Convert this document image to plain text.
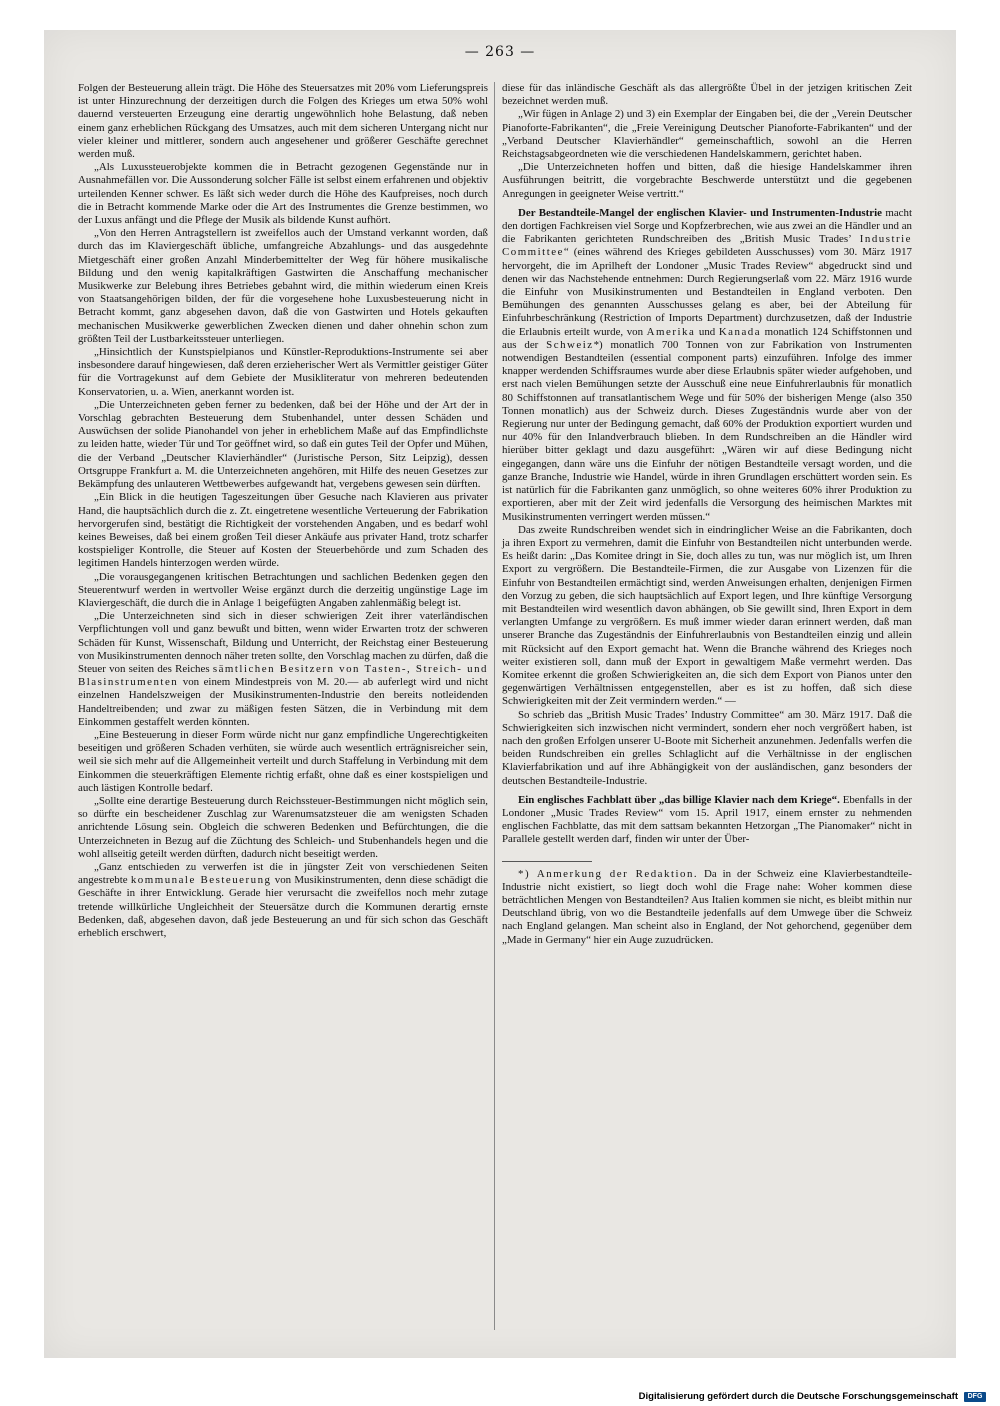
— 263 —

Folgen der Besteuerung allein trägt. Die Höhe des Steuersatzes mit 20% vom Lieferungspreis ist unter Hinzurechnung der derzeitigen durch die Folgen des Krieges um etwa 50% wohl dauernd versteuerten Erzeugung eine derartig ungewöhnlich hohe Belastung, daß neben einem ganz erheblichen Rückgang des Umsatzes, auch mit dem sicheren Untergang nicht nur vieler kleiner und mittlerer, sondern auch angesehener und größerer Geschäfte gerechnet werden muß.

„Als Luxussteuerobjekte kommen die in Betracht gezogenen Gegenstände nur in Ausnahmefällen vor. Die Aussonderung solcher Fälle ist selbst einem erfahrenen und objektiv urteilenden Kenner schwer. Es läßt sich weder durch die Höhe des Kaufpreises, noch durch die in Betracht kommende Marke oder die Art des Instrumentes die Grenze bestimmen, wo der Luxus anfängt und die Pflege der Musik als bildende Kunst aufhört.

„Von den Herren Antragstellern ist zweifellos auch der Umstand verkannt worden, daß durch das im Klaviergeschäft übliche, umfangreiche Abzahlungs- und das ausgedehnte Mietgeschäft einer großen Anzahl Minderbemittelter der Weg für höhere musikalische Bildung und den wenig kapitalkräftigen Gastwirten die Anschaffung mechanischer Musikwerke zur Belebung ihres Betriebes gebahnt wird, die mithin wiederum einen Kreis von Staatsangehörigen bilden, der für die vorgesehene hohe Luxusbesteuerung nicht in Betracht kommt, ganz abgesehen davon, daß die von Gastwirten und Hotels gekauften mechanischen Musikwerke gewerblichen Zwecken dienen und daher ohnehin schon zum größten Teil der Lustbarkeitssteuer unterliegen.

„Hinsichtlich der Kunstspielpianos und Künstler-Reproduktions-Instrumente sei aber insbesondere darauf hingewiesen, daß deren erzieherischer Wert als Vermittler geistiger Güter für die Vortragekunst auf dem Gebiete der Musikliteratur von mehreren bedeutenden Konservatorien, u. a. Wien, anerkannt worden ist.

„Die Unterzeichneten geben ferner zu bedenken, daß bei der Höhe und der Art der in Vorschlag gebrachten Besteuerung dem Stubenhandel, unter dessen Schäden und Auswüchsen der solide Pianohandel von jeher in erheblichem Maße auf das Empfindlichste zu leiden hatte, wieder Tür und Tor geöffnet wird, so daß ein gutes Teil der Opfer und Mühen, die der Verband „Deutscher Klavierhändler“ (Juristische Person, Sitz Leipzig), dessen Ortsgruppe Frankfurt a. M. die Unterzeichneten angehören, mit Hilfe des neuen Gesetzes zur Bekämpfung des unlauteren Wettbewerbes aufgewandt hat, vergebens gewesen sein dürften.

„Ein Blick in die heutigen Tageszeitungen über Gesuche nach Klavieren aus privater Hand, die hauptsächlich durch die z. Zt. eingetretene wesentliche Verteuerung der Fabrikation hervorgerufen sind, bestätigt die Richtigkeit der vorstehenden Angaben, und es bedarf wohl keines Beweises, daß bei einem großen Teil dieser Ankäufe aus privater Hand, trotz scharfer kostspieliger Kontrolle, die Steuer auf Kosten der Steuerbehörde und zum Schaden des legitimen Handels hinterzogen werden würde.

„Die vorausgegangenen kritischen Betrachtungen und sachlichen Bedenken gegen den Steuerentwurf werden in wertvoller Weise ergänzt durch die derzeitig ungünstige Lage im Klaviergeschäft, die durch die in Anlage 1 beigefügten Angaben zahlenmäßig belegt ist.

„Die Unterzeichneten sind sich in dieser schwierigen Zeit ihrer vaterländischen Verpflichtungen voll und ganz bewußt und bitten, wenn wider Erwarten trotz der schweren Schäden für Kunst, Wissenschaft, Bildung und Unterricht, der Reichstag einer Besteuerung von Musikinstrumenten dennoch näher treten sollte, den Vorschlag machen zu dürfen, daß die Steuer von seiten des Reiches sämtlichen Besitzern von Tasten-, Streich- und Blasinstrumenten von einem Mindestpreis von M. 20.— ab auferlegt wird und nicht einzelnen Handelszweigen der Musikinstrumenten-Industrie den bereits notleidenden Handeltreibenden; und zwar zu mäßigen festen Sätzen, die in Verbindung mit dem Einkommen gestaffelt werden könnten.

„Eine Besteuerung in dieser Form würde nicht nur ganz empfindliche Ungerechtigkeiten beseitigen und größeren Schaden verhüten, sie würde auch wesentlich erträgnisreicher sein, weil sie sich mehr auf die Allgemeinheit verteilt und durch Staffelung in Verbindung mit dem Einkommen die steuerkräftigen Elemente richtig erfaßt, ohne daß es einer kostspieligen und auch lästigen Kontrolle bedarf.

„Sollte eine derartige Besteuerung durch Reichssteuer-Bestimmungen nicht möglich sein, so dürfte ein bescheidener Zuschlag zur Warenumsatzsteuer die am wenigsten Schaden anrichtende Lösung sein. Obgleich die schweren Bedenken und Befürchtungen, die die Unterzeichneten in Bezug auf die Züchtung des Schleich- und Stubenhandels hegen und die wohl allseitig geteilt werden dürften, dadurch nicht beseitigt werden.

„Ganz entschieden zu verwerfen ist die in jüngster Zeit von verschiedenen Seiten angestrebte kommunale Besteuerung von Musikinstrumenten, denn diese schädigt die Geschäfte in ihrer Entwicklung. Gerade hier verursacht die zweifellos noch mehr zutage tretende willkürliche Ungleichheit der Steuersätze durch die Kommunen derartig ernste Bedenken, daß, abgesehen davon, daß jede Besteuerung an und für sich schon das Geschäft erheblich erschwert,

diese für das inländische Geschäft als das allergrößte Übel in der jetzigen kritischen Zeit bezeichnet werden muß.

„Wir fügen in Anlage 2) und 3) ein Exemplar der Eingaben bei, die der „Verein Deutscher Pianoforte-Fabrikanten“, die „Freie Vereinigung Deutscher Pianoforte-Fabrikanten“ und der „Verband Deutscher Klavierhändler“ gemeinschaftlich, sowohl an die Herren Reichstagsabgeordneten wie die verschiedenen Handelskammern, gerichtet haben.

„Die Unterzeichneten hoffen und bitten, daß die hiesige Handelskammer ihren Ausführungen beitritt, die vorgebrachte Beschwerde unterstützt und die gegebenen Anregungen in geeigneter Weise vertritt.“

Der Bestandteile-Mangel der englischen Klavier- und Instrumenten-Industrie macht den dortigen Fachkreisen viel Sorge und Kopfzerbrechen, wie aus zwei an die Händler und an die Fabrikanten gerichteten Rundschreiben des „British Music Trades’ Industrie Committee“ (eines während des Krieges gebildeten Ausschusses) vom 30. März 1917 hervorgeht, die im Aprilheft der Londoner „Music Trades Review“ abgedruckt sind und denen wir das Nachstehende entnehmen: Durch Regierungserlaß vom 22. März 1916 wurde die Einfuhr von Musikinstrumenten und Bestandteilen in England verboten. Den Bemühungen des genannten Ausschusses gelang es aber, bei der Abteilung für Einfuhrbeschränkung (Restriction of Imports Department) durchzusetzen, daß der Industrie die Erlaubnis erteilt wurde, von Amerika und Kanada monatlich 124 Schiffstonnen und aus der Schweiz*) monatlich 700 Tonnen von zur Fabrikation von Instrumenten notwendigen Bestandteilen (essential component parts) einzuführen. Infolge des immer knapper werdenden Schiffsraumes wurde aber diese Erlaubnis später wieder aufgehoben, und erst nach vielen Bemühungen setzte der Ausschuß eine neue Einfuhrerlaubnis für monatlich 80 Schiffstonnen auf transatlantischem Wege und für 50% der bisherigen Menge (also 350 Tonnen monatlich) aus der Schweiz durch. Dieses Zugeständnis wurde aber von der Regierung nur unter der Bedingung gemacht, daß 60% der Produktion exportiert wurden und nur 40% für den Inlandverbrauch blieben. In dem Rundschreiben an die Händler wird hierüber bitter geklagt und dazu ausgeführt: „Wären wir auf diese Bedingung nicht eingegangen, dann wäre uns die Einfuhr der nötigen Bestandteile versagt worden, und die ganze Branche, Industrie wie Handel, würde in ihren Grundlagen erschüttert worden sein. Es ist natürlich für die Fabrikanten ganz unmöglich, so ohne weiteres 60% ihrer Produktion zu exportieren, aber mit der Zeit wird jedenfalls die Versorgung des heimischen Marktes mit Musikinstrumenten verringert werden müssen.“

Das zweite Rundschreiben wendet sich in eindringlicher Weise an die Fabrikanten, doch ja ihren Export zu vermehren, damit die Einfuhr von Bestandteilen nicht unterbunden werde. Es heißt darin: „Das Komitee dringt in Sie, doch alles zu tun, was nur möglich ist, um Ihren Export zu vergrößern. Die Bestandteile-Firmen, die zur Ausgabe von Lizenzen für die Einfuhr von Bestandteilen ermächtigt sind, werden Anweisungen erhalten, denjenigen Firmen den Vorzug zu geben, die sich hauptsächlich auf Export legen, und Ihre künftige Versorgung mit Bestandteilen wird wesentlich davon abhängen, ob Sie gewillt sind, Ihren Export in dem verlangten Umfange zu vergrößern. Es muß immer wieder daran erinnert werden, daß man unserer Branche das Zugeständnis der Einfuhrerlaubnis von Bestandteilen einzig und allein mit Rücksicht auf den Export gemacht hat. Wenn die Branche während des Krieges noch weiter existieren soll, dann muß der Export in gewaltigem Maße vermehrt werden. Das Komitee erkennt die großen Schwierigkeiten an, die sich dem Export von Pianos unter den gegenwärtigen Verhältnissen entgegenstellen, aber es ist zu hoffen, daß sich diese Schwierigkeiten mit der Zeit vermindern werden.“ —

So schrieb das „British Music Trades’ Industry Committee“ am 30. März 1917. Daß die Schwierigkeiten sich inzwischen nicht vermindert, sondern eher noch vergrößert haben, ist nach den großen Erfolgen unserer U-Boote mit Sicherheit anzunehmen. Jedenfalls werfen die beiden Rundschreiben ein grelles Schlaglicht auf die Verhältnisse in der englischen Klavierfabrikation und auf ihre Abhängigkeit von der ausländischen, ganz besonders der deutschen Bestandteile-Industrie.

Ein englisches Fachblatt über „das billige Klavier nach dem Kriege“. Ebenfalls in der Londoner „Music Trades Review“ vom 15. April 1917, einem ernster zu nehmenden englischen Fachblatte, das mit dem sattsam bekannten Hetzorgan „The Pianomaker“ nicht in Parallele gestellt werden darf, finden wir unter der Über-

*) Anmerkung der Redaktion. Da in der Schweiz eine Klavierbestandteile-Industrie nicht existiert, so liegt doch wohl die Frage nahe: Woher kommen diese beträchtlichen Mengen von Bestandteilen? Aus Italien kommen sie nicht, es bleibt mithin nur Deutschland übrig, von wo die Bestandteile jedenfalls auf dem Umwege über die Schweiz nach England gelangen. Man scheint also in England, der Not gehorchend, gegenüber dem „Made in Germany“ hier ein Auge zuzudrücken.

Digitalisierung gefördert durch die Deutsche Forschungsgemeinschaft	DFG
